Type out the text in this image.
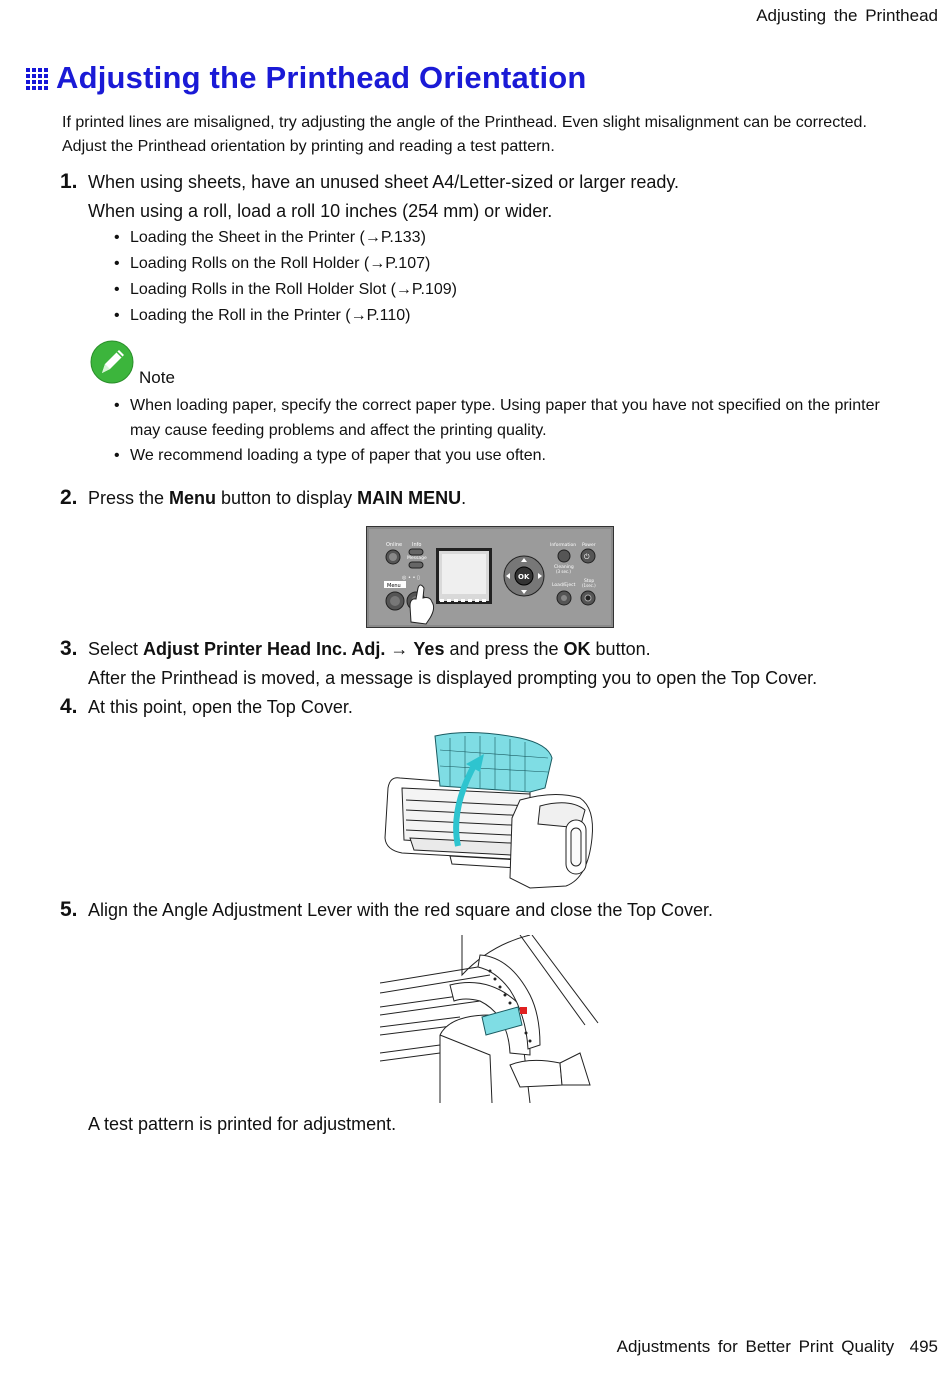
Adjusting the Printhead
Adjusting the Printhead Orientation
If printed lines are misaligned, try adjusting the angle of the Printhead. Even slight misalignment can be corrected. Adjust the Printhead orientation by printing and reading a test pattern.
1. When using sheets, have an unused sheet A4/Letter-sized or larger ready.
When using a roll, load a roll 10 inches (254 mm) or wider.
• Loading the Sheet in the Printer (→P.133)
• Loading Rolls on the Roll Holder (→P.107)
• Loading Rolls in the Roll Holder Slot (→P.109)
• Loading the Roll in the Printer (→P.110)
Note
• When loading paper, specify the correct paper type. Using paper that you have not specified on the printer may cause feeding problems and affect the printing quality.
• We recommend loading a type of paper that you use often.
2. Press the Menu button to display MAIN MENU.
Online Info
Message
◎ • • ▯
Menu
OK
Information Power
⏻
Cleaning
(3 sec.)
Load/Eject
Stop
(1sec.)
3. Select Adjust Printer Head Inc. Adj. → Yes and press the OK button.
After the Printhead is moved, a message is displayed prompting you to open the Top Cover.
4. At this point, open the Top Cover.
5. Align the Angle Adjustment Lever with the red square and close the Top Cover.
A test pattern is printed for adjustment.
Adjustments for Better Print Quality 495
